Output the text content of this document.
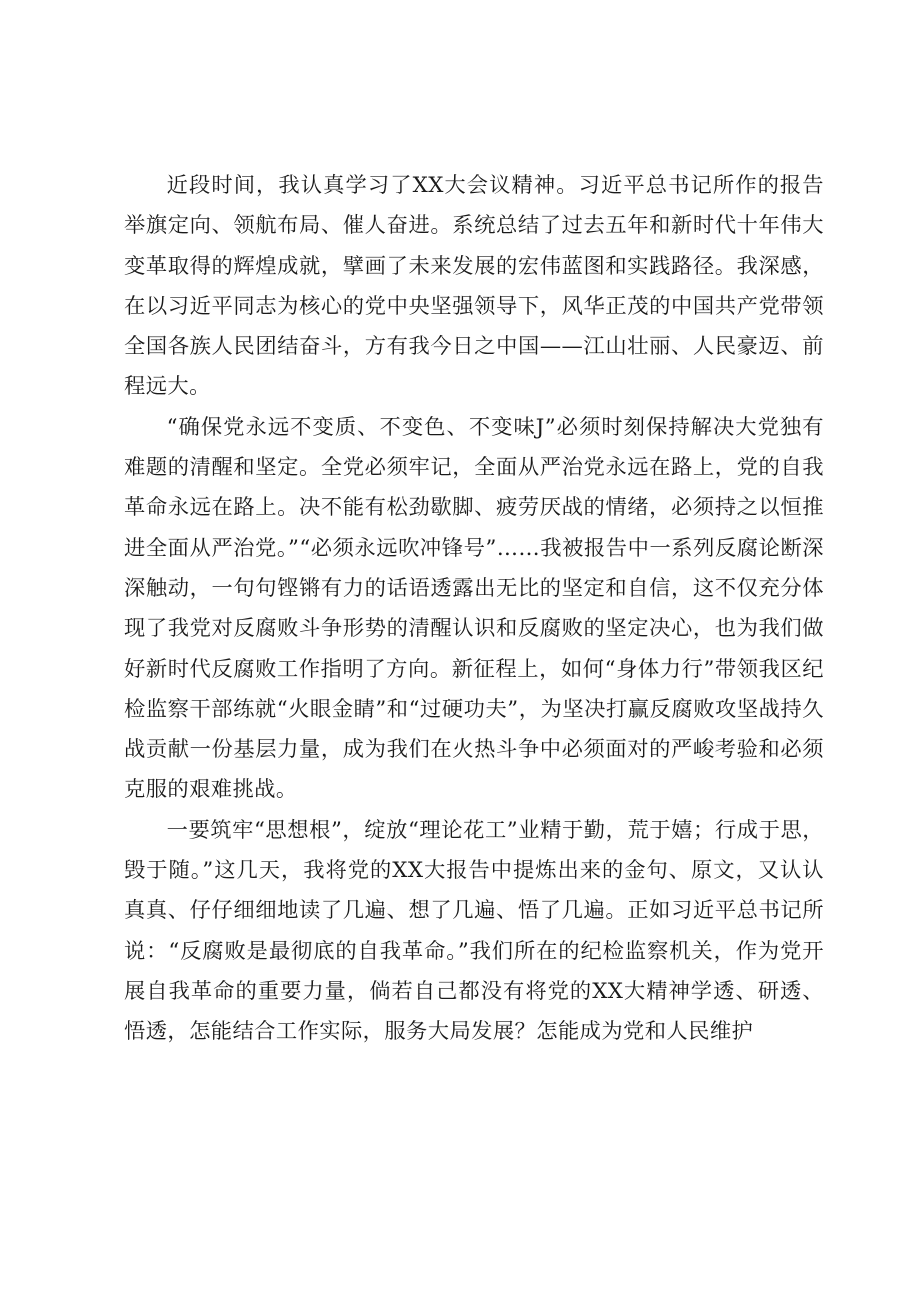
近段时间，我认真学习了XX大会议精神。习近平总书记所作的报告举旗定向、领航布局、催人奋进。系统总结了过去五年和新时代十年伟大变革取得的辉煌成就，擘画了未来发展的宏伟蓝图和实践路径。我深感，在以习近平同志为核心的党中央坚强领导下，风华正茂的中国共产党带领全国各族人民团结奋斗，方有我今日之中国——江山壮丽、人民豪迈、前程远大。

“确保党永远不变质、不变色、不变味J”必须时刻保持解决大党独有难题的清醒和坚定。全党必须牢记，全面从严治党永远在路上，党的自我革命永远在路上。决不能有松劲歇脚、疲劳厌战的情绪，必须持之以恒推进全面从严治党。”“必须永远吹冲锋号”……我被报告中一系列反腐论断深深触动，一句句铿锵有力的话语透露出无比的坚定和自信，这不仅充分体现了我党对反腐败斗争形势的清醒认识和反腐败的坚定决心，也为我们做好新时代反腐败工作指明了方向。新征程上，如何“身体力行”带领我区纪检监察干部练就“火眼金睛”和“过硬功夫”，为坚决打赢反腐败攻坚战持久战贡献一份基层力量，成为我们在火热斗争中必须面对的严峻考验和必须克服的艰难挑战。

一要筑牢“思想根”，绽放“理论花工”业精于勤，荒于嬉；行成于思，毁于随。”这几天，我将党的XX大报告中提炼出来的金句、原文，又认认真真、仔仔细细地读了几遍、想了几遍、悟了几遍。正如习近平总书记所说：“反腐败是最彻底的自我革命。”我们所在的纪检监察机关，作为党开展自我革命的重要力量，倘若自己都没有将党的XX大精神学透、研透、悟透，怎能结合工作实际，服务大局发展？怎能成为党和人民维护
